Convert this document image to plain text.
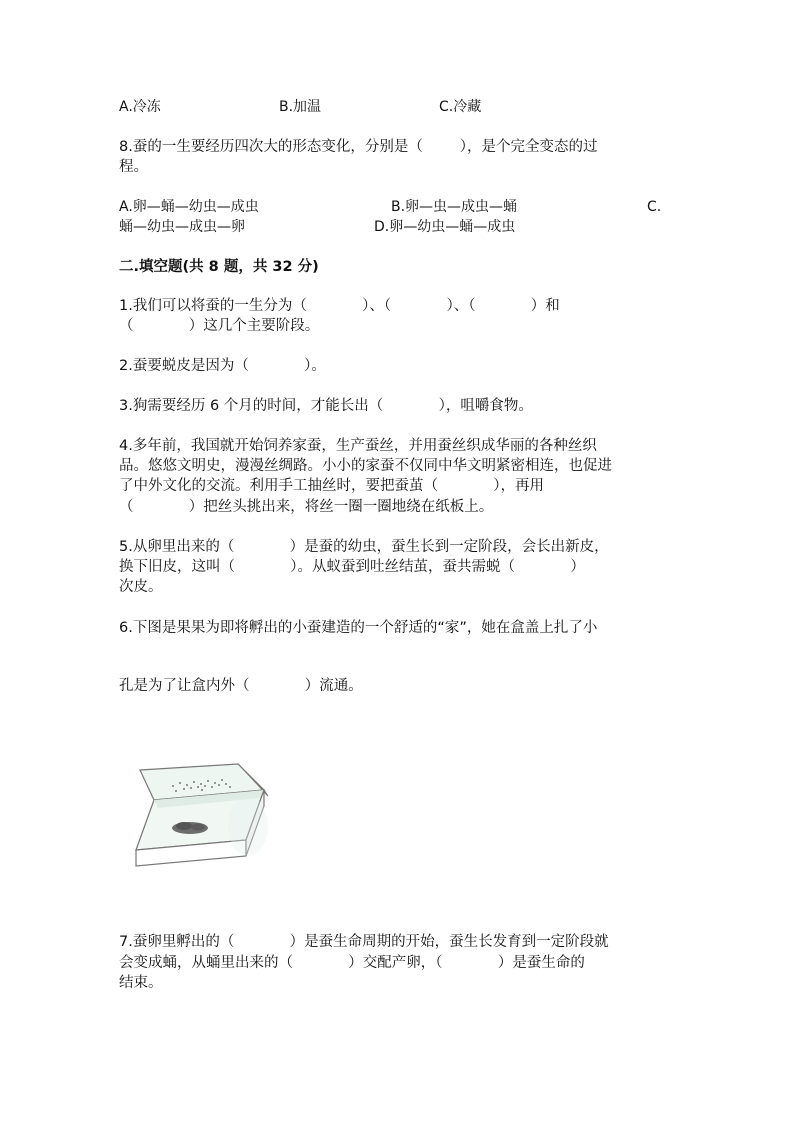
A.冷冻	B.加温	C.冷藏
8.蚕的一生要经历四次大的形态变化，分别是（        ），是个完全变态的过
程。
A.卵—蛹—幼虫—成虫	B.卵—虫—成虫—蛹	C.
蛹—幼虫—成虫—卵	D.卵—幼虫—蛹—成虫
二.填空题(共 8 题，共 32 分)
1.我们可以将蚕的一生分为（            ）、（            ）、（            ）和
（            ）这几个主要阶段。
2.蚕要蜕皮是因为（            ）。
3.狗需要经历 6 个月的时间，才能长出（            ），咀嚼食物。
4.多年前，我国就开始饲养家蚕，生产蚕丝，并用蚕丝织成华丽的各种丝织
品。悠悠文明史，漫漫丝绸路。小小的家蚕不仅同中华文明紧密相连，也促进
了中外文化的交流。利用手工抽丝时，要把蚕茧（            ），再用
（            ）把丝头挑出来，将丝一圈一圈地绕在纸板上。
5.从卵里出来的（            ）是蚕的幼虫，蚕生长到一定阶段，会长出新皮，
换下旧皮，这叫（            ）。从蚁蚕到吐丝结茧，蚕共需蜕（            ）
次皮。
6.下图是果果为即将孵出的小蚕建造的一个舒适的“家”，她在盒盖上扎了小
孔是为了让盒内外（            ）流通。
7.蚕卵里孵出的（            ）是蚕生命周期的开始，蚕生长发育到一定阶段就
会变成蛹，从蛹里出来的（            ）交配产卵，（            ）是蚕生命的
结束。
